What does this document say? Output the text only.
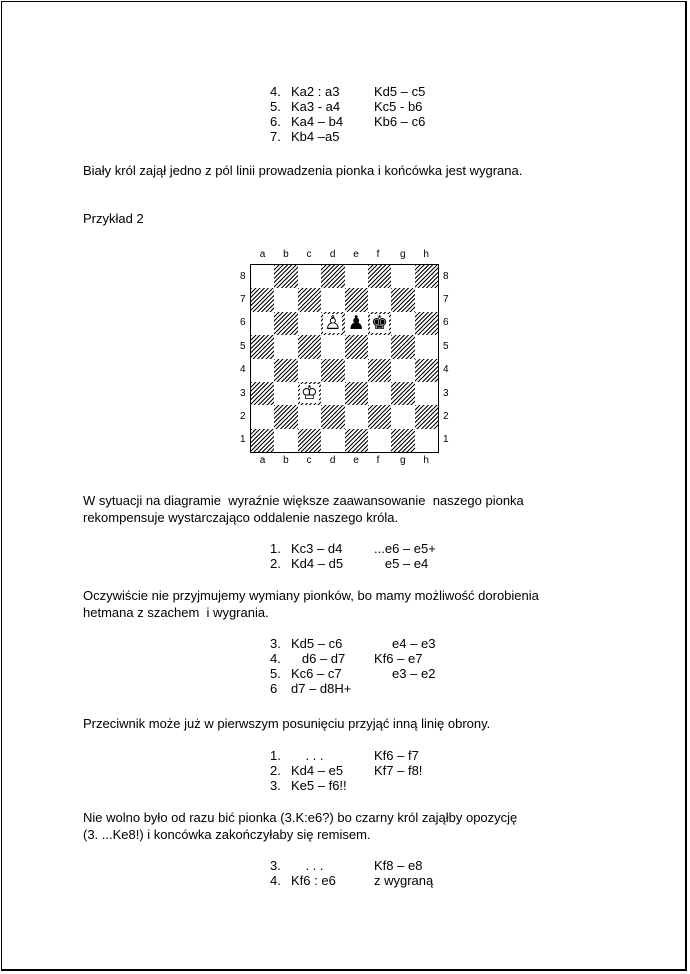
4. Ka2 : a3	Kd5 – c5
5. Ka3 - a4	Kc5 - b6
6. Ka4 – b4 Kb6 – c6
7. Kb4 –a5
Biały król zajął jedno z pól linii prowadzenia pionka i końcówka jest wygrana.
Przykład 2
♙ ♟ ♚
♔
a
a
b
b
c
c
d
d
e
e
f
f
g
g
h
h
8	8
7	7
6	6
5	5
4	4
3	3
2	2
1	1
W sytuacji na diagramie  wyraźnie większe zaawansowanie  naszego pionka
rekompensuje wystarczająco oddalenie naszego króla.
1. Kc3 – d4 ...e6 – e5+
2. Kd4 – d5 e5 – e4
Oczywiście nie przyjmujemy wymiany pionków, bo mamy możliwość dorobienia
hetmana z szachem  i wygrania.
3. Kd5 – c6 e4 – e3
4. d6 – d7 Kf6 – e7
5. Kc6 – c7 e3 – e2
6 d7 – d8H+
Przeciwnik może już w pierwszym posunięciu przyjąć inną linię obrony.
1. . . .	Kf6 – f7
2. Kd4 – e5 Kf7 – f8!
3. Ke5 – f6!!
Nie wolno było od razu bić pionka (3.K:e6?) bo czarny król zająłby opozycję
(3. ...Ke8!) i koncówka zakończyłaby się remisem.
3. . . .	Kf8 – e8
4. Kf6 : e6	z wygraną
